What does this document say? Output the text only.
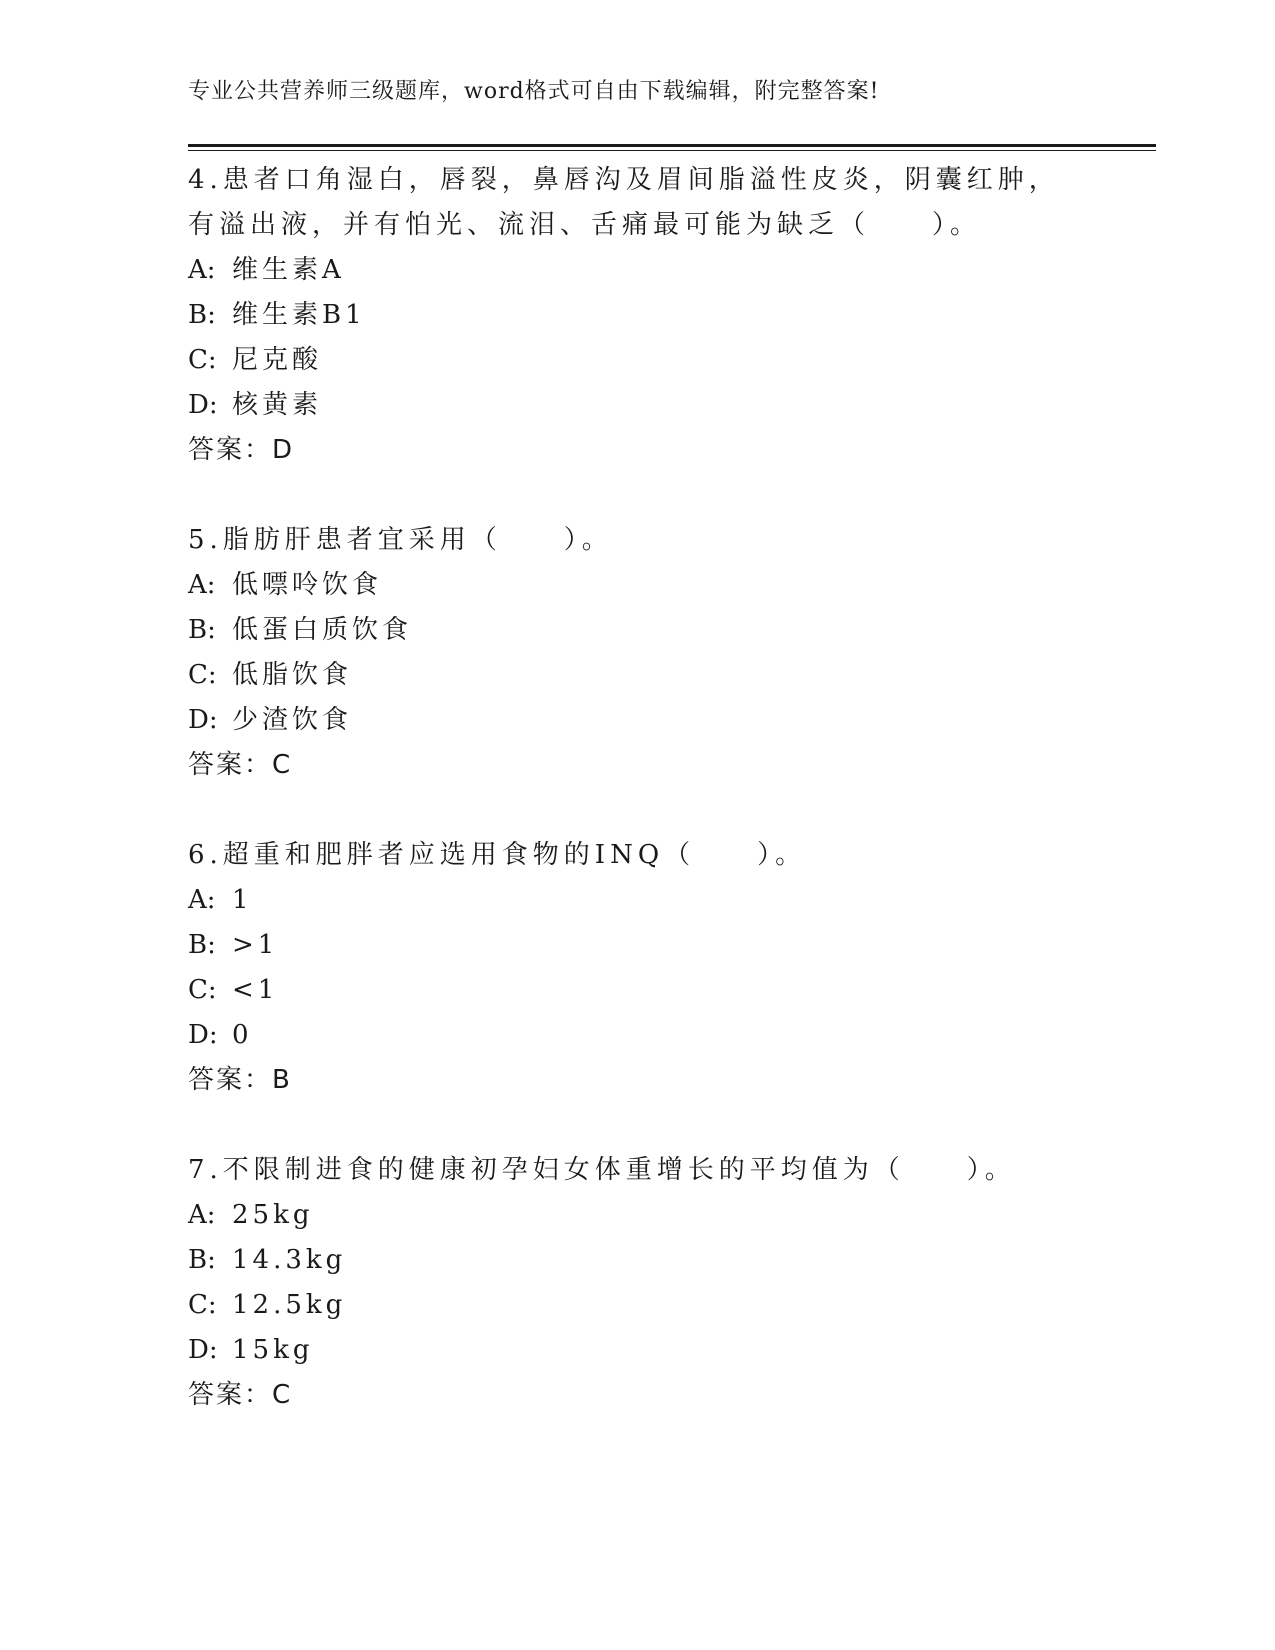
专业公共营养师三级题库，word格式可自由下载编辑，附完整答案!

4.患者口角湿白，唇裂，鼻唇沟及眉间脂溢性皮炎，阴囊红肿，有溢出液，并有怕光、流泪、舌痛最可能为缺乏（　　）。

A: 维生素A
B: 维生素B1
C: 尼克酸
D: 核黄素
答案：D

5.脂肪肝患者宜采用（　　）。

A: 低嘌呤饮食
B: 低蛋白质饮食
C: 低脂饮食
D: 少渣饮食
答案：C

6.超重和肥胖者应选用食物的INQ（　　）。

A: 1
B: >1
C: <1
D: 0
答案：B

7.不限制进食的健康初孕妇女体重增长的平均值为（　　）。

A: 25kg
B: 14.3kg
C: 12.5kg
D: 15kg
答案：C
